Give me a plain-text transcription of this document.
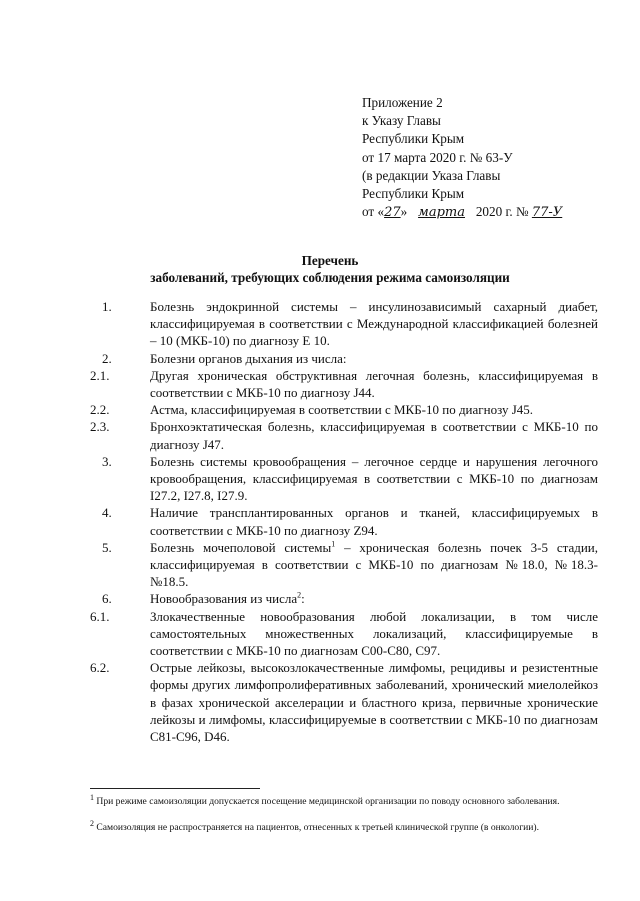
Приложение 2
к Указу Главы
Республики Крым
от 17 марта 2020 г. № 63-У
(в редакции Указа Главы
Республики Крым
от «27» марта 2020 г. № 77-У
Перечень
заболеваний, требующих соблюдения режима самоизоляции
1.	Болезнь эндокринной системы – инсулинозависимый сахарный диабет, классифицируемая в соответствии с Международной классификацией болезней – 10 (МКБ-10) по диагнозу E 10.
2.	Болезни органов дыхания из числа:
2.1.	Другая хроническая обструктивная легочная болезнь, классифицируемая в соответствии с МКБ-10 по диагнозу J44.
2.2.	Астма, классифицируемая в соответствии с МКБ-10 по диагнозу J45.
2.3.	Бронхоэктатическая болезнь, классифицируемая в соответствии с МКБ-10 по диагнозу J47.
3.	Болезнь системы кровообращения – легочное сердце и нарушения легочного кровообращения, классифицируемая в соответствии с МКБ-10 по диагнозам I27.2, I27.8, I27.9.
4.	Наличие трансплантированных органов и тканей, классифицируемых в соответствии с МКБ-10 по диагнозу Z94.
5.	Болезнь мочеполовой системы$^1$ – хроническая болезнь почек 3-5 стадии, классифицируемая в соответствии с МКБ-10 по диагнозам №18.0, №18.3-№18.5.
6.	Новообразования из числа$^2$:
6.1.	Злокачественные новообразования любой локализации, в том числе самостоятельных множественных локализаций, классифицируемые в соответствии с МКБ-10 по диагнозам С00-С80, С97.
6.2.	Острые лейкозы, высокозлокачественные лимфомы, рецидивы и резистентные формы других лимфопролиферативных заболеваний, хронический миелолейкоз в фазах хронической акселерации и бластного криза, первичные хронические лейкозы и лимфомы, классифицируемые в соответствии с МКБ-10 по диагнозам С81-С96, D46.
$^1$ При режиме самоизоляции допускается посещение медицинской организации по поводу основного заболевания.
$^2$ Самоизоляция не распространяется на пациентов, отнесенных к третьей клинической группе (в онкологии).
